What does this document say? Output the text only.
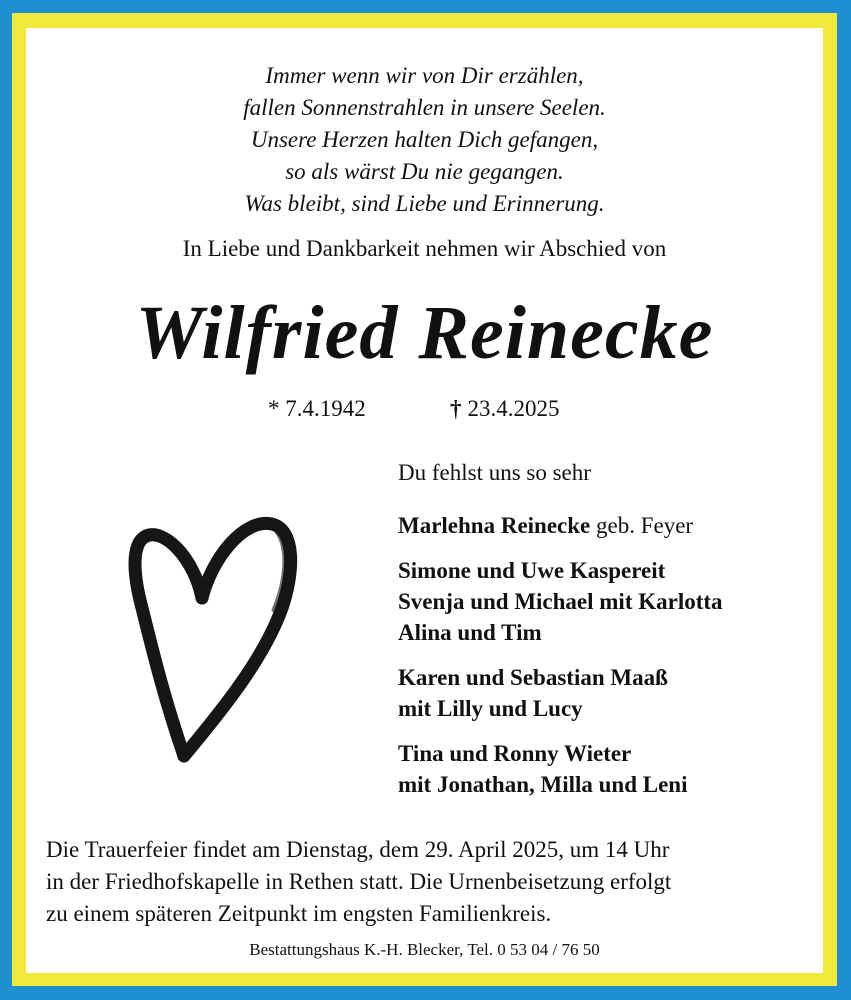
Immer wenn wir von Dir erzählen,
fallen Sonnenstrahlen in unsere Seelen.
Unsere Herzen halten Dich gefangen,
so als wärst Du nie gegangen.
Was bleibt, sind Liebe und Erinnerung.
In Liebe und Dankbarkeit nehmen wir Abschied von
Wilfried Reinecke
* 7.4.1942	† 23.4.2025
Du fehlst uns so sehr
Marlehna Reinecke geb. Feyer
Simone und Uwe Kaspereit
Svenja und Michael mit Karlotta
Alina und Tim
Karen und Sebastian Maaß
mit Lilly und Lucy
Tina und Ronny Wieter
mit Jonathan, Milla und Leni
Die Trauerfeier findet am Dienstag, dem 29. April 2025, um 14 Uhr
in der Friedhofskapelle in Rethen statt. Die Urnenbeisetzung erfolgt
zu einem späteren Zeitpunkt im engsten Familienkreis.
Bestattungshaus K.-H. Blecker, Tel. 0 53 04 / 76 50
